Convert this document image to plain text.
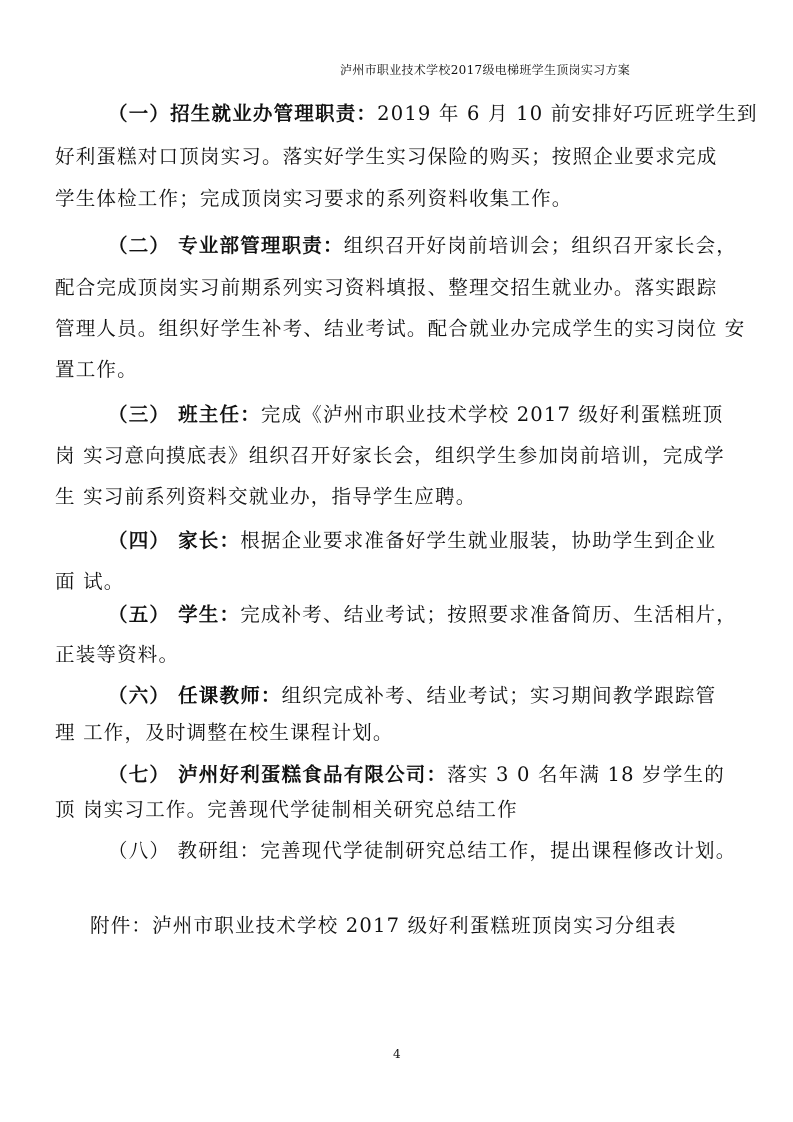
泸州市职业技术学校2017级电梯班学生顶岗实习方案
（一）招生就业办管理职责：2019 年 6 月 10 前安排好巧匠班学生到
好利蛋糕对口顶岗实习。落实好学生实习保险的购买；按照企业要求完成
学生体检工作；完成顶岗实习要求的系列资料收集工作。
（二） 专业部管理职责：组织召开好岗前培训会；组织召开家长会，
配合完成顶岗实习前期系列实习资料填报、整理交招生就业办。落实跟踪
管理人员。组织好学生补考、结业考试。配合就业办完成学生的实习岗位 安
置工作。
（三） 班主任：完成《泸州市职业技术学校 2017 级好利蛋糕班顶
岗 实习意向摸底表》组织召开好家长会，组织学生参加岗前培训，完成学
生 实习前系列资料交就业办，指导学生应聘。
（四） 家长：根据企业要求准备好学生就业服装，协助学生到企业
面 试。
（五） 学生：完成补考、结业考试；按照要求准备简历、生活相片，
正装等资料。
（六） 任课教师：组织完成补考、结业考试；实习期间教学跟踪管
理 工作，及时调整在校生课程计划。
（七） 泸州好利蛋糕食品有限公司：落实 3 0 名年满 18 岁学生的
顶 岗实习工作。完善现代学徒制相关研究总结工作
（八） 教研组：完善现代学徒制研究总结工作，提出课程修改计划。
附件：泸州市职业技术学校 2017 级好利蛋糕班顶岗实习分组表
4
